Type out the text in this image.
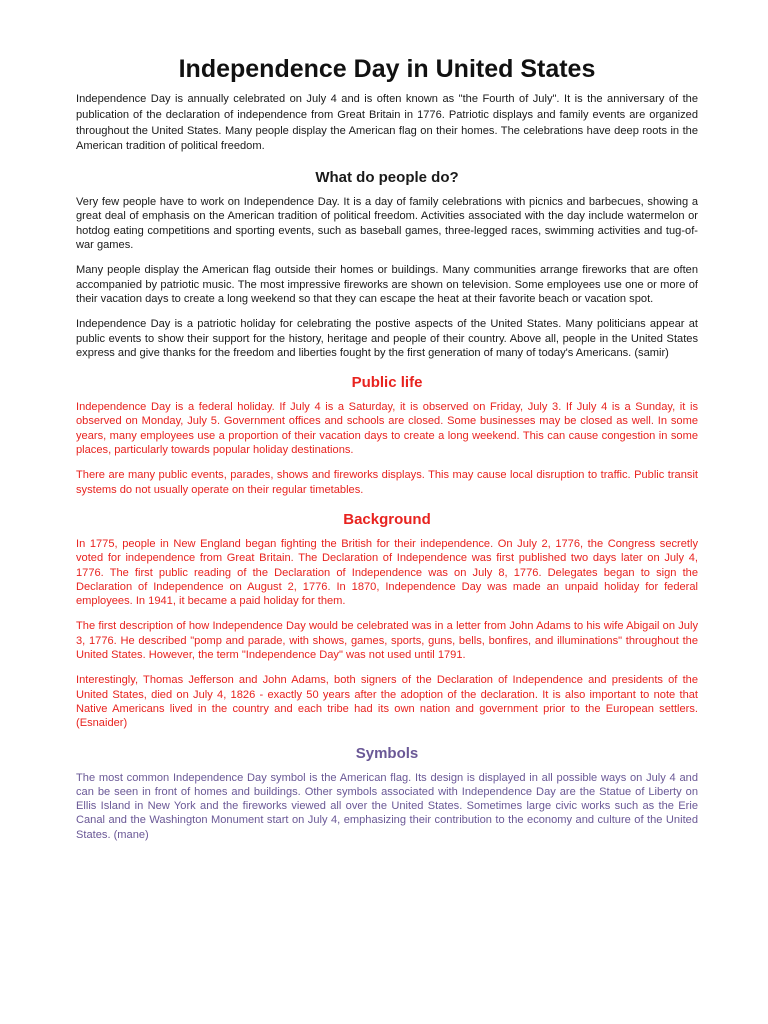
Independence Day in United States

Independence Day is annually celebrated on July 4 and is often known as "the Fourth of July". It is the anniversary of the publication of the declaration of independence from Great Britain in 1776. Patriotic displays and family events are organized throughout the United States. Many people display the American flag on their homes. The celebrations have deep roots in the American tradition of political freedom.

What do people do?

Very few people have to work on Independence Day. It is a day of family celebrations with picnics and barbecues, showing a great deal of emphasis on the American tradition of political freedom. Activities associated with the day include watermelon or hotdog eating competitions and sporting events, such as baseball games, three-legged races, swimming activities and tug-of-war games.

Many people display the American flag outside their homes or buildings. Many communities arrange fireworks that are often accompanied by patriotic music. The most impressive fireworks are shown on television. Some employees use one or more of their vacation days to create a long weekend so that they can escape the heat at their favorite beach or vacation spot.

Independence Day is a patriotic holiday for celebrating the postive aspects of the United States. Many politicians appear at public events to show their support for the history, heritage and people of their country. Above all, people in the United States express and give thanks for the freedom and liberties fought by the first generation of many of today's Americans. (samir)

Public life

Independence Day is a federal holiday. If July 4 is a Saturday, it is observed on Friday, July 3. If July 4 is a Sunday, it is observed on Monday, July 5. Government offices and schools are closed. Some businesses may be closed as well. In some years, many employees use a proportion of their vacation days to create a long weekend. This can cause congestion in some places, particularly towards popular holiday destinations.

There are many public events, parades, shows and fireworks displays. This may cause local disruption to traffic. Public transit systems do not usually operate on their regular timetables.

Background

In 1775, people in New England began fighting the British for their independence. On July 2, 1776, the Congress secretly voted for independence from Great Britain. The Declaration of Independence was first published two days later on July 4, 1776. The first public reading of the Declaration of Independence was on July 8, 1776. Delegates began to sign the Declaration of Independence on August 2, 1776. In 1870, Independence Day was made an unpaid holiday for federal employees. In 1941, it became a paid holiday for them.

The first description of how Independence Day would be celebrated was in a letter from John Adams to his wife Abigail on July 3, 1776. He described "pomp and parade, with shows, games, sports, guns, bells, bonfires, and illuminations" throughout the United States. However, the term "Independence Day" was not used until 1791.

Interestingly, Thomas Jefferson and John Adams, both signers of the Declaration of Independence and presidents of the United States, died on July 4, 1826 - exactly 50 years after the adoption of the declaration. It is also important to note that Native Americans lived in the country and each tribe had its own nation and government prior to the European settlers. (Esnaider)

Symbols

The most common Independence Day symbol is the American flag. Its design is displayed in all possible ways on July 4 and can be seen in front of homes and buildings. Other symbols associated with Independence Day are the Statue of Liberty on Ellis Island in New York and the fireworks viewed all over the United States. Sometimes large civic works such as the Erie Canal and the Washington Monument start on July 4, emphasizing their contribution to the economy and culture of the United States. (mane)
